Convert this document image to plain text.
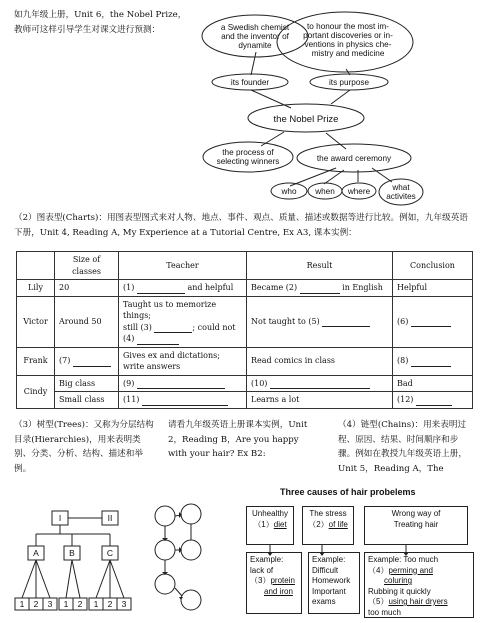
如九年级上册，Unit 6，the Nobel Prize，教师可这样引导学生对课文进行预测：	a Swedish chemist
and the inventor of
dynamite
to honour the most im-
portant discoveries or in-
ventions in physics che-
mistry and medicine
its founder	its purpose
the Nobel Prize
the process of
selecting winners	the award ceremony
who when where	what
activites
（2）图表型(Charts)：用图表型图式来对人物、地点、事件、观点、质量、描述或数据等进行比较。例如，九年级英语下册，Unit 4, Reading A, My Experience at a Tutorial Centre, Ex A3, 课本实例：
	Size of classes	Teacher	Result	Conclusion
Lily	20	(1) and helpful	Became (2) in English	Helpful
Victor	Around 50	Taught us to memorize things;
still (3) ; could not
(4)	Not taught to (5)	(6)
Frank	(7)	Gives ex and dictations;
write answers	Read comics in class	(8)
Cindy	Big class	(9)	(10)	Bad
	Small class	(11)	Learns a lot	(12)
（3）树型(Trees)：又称为分层结构目录(Hierarchies)，用来表明类别、分类、分析、结构、描述和举例。
请看九年级英语上册课本实例，Unit 2，Reading B，Are you happy　with your hair? Ex B2:
（4）链型(Chains)：用来表明过程、原因、结果、时间顺序和步骤。例如在教授九年级英语上册，Unit 5，Reading A，The
I	II
A	B	C
1 2 3 1 2 1 2 3
Three causes of hair probelems
Unhealthy
（1）diet
The stress
（2）of life
Wrong way of
Treating hair
Example:
lack of
（3）protein
and iron
Example:
Difficult
Homework
Important
exams
Example: Too much
（4）perming and
coluring
Rubbing it quickly
（5）using hair dryers
too much
